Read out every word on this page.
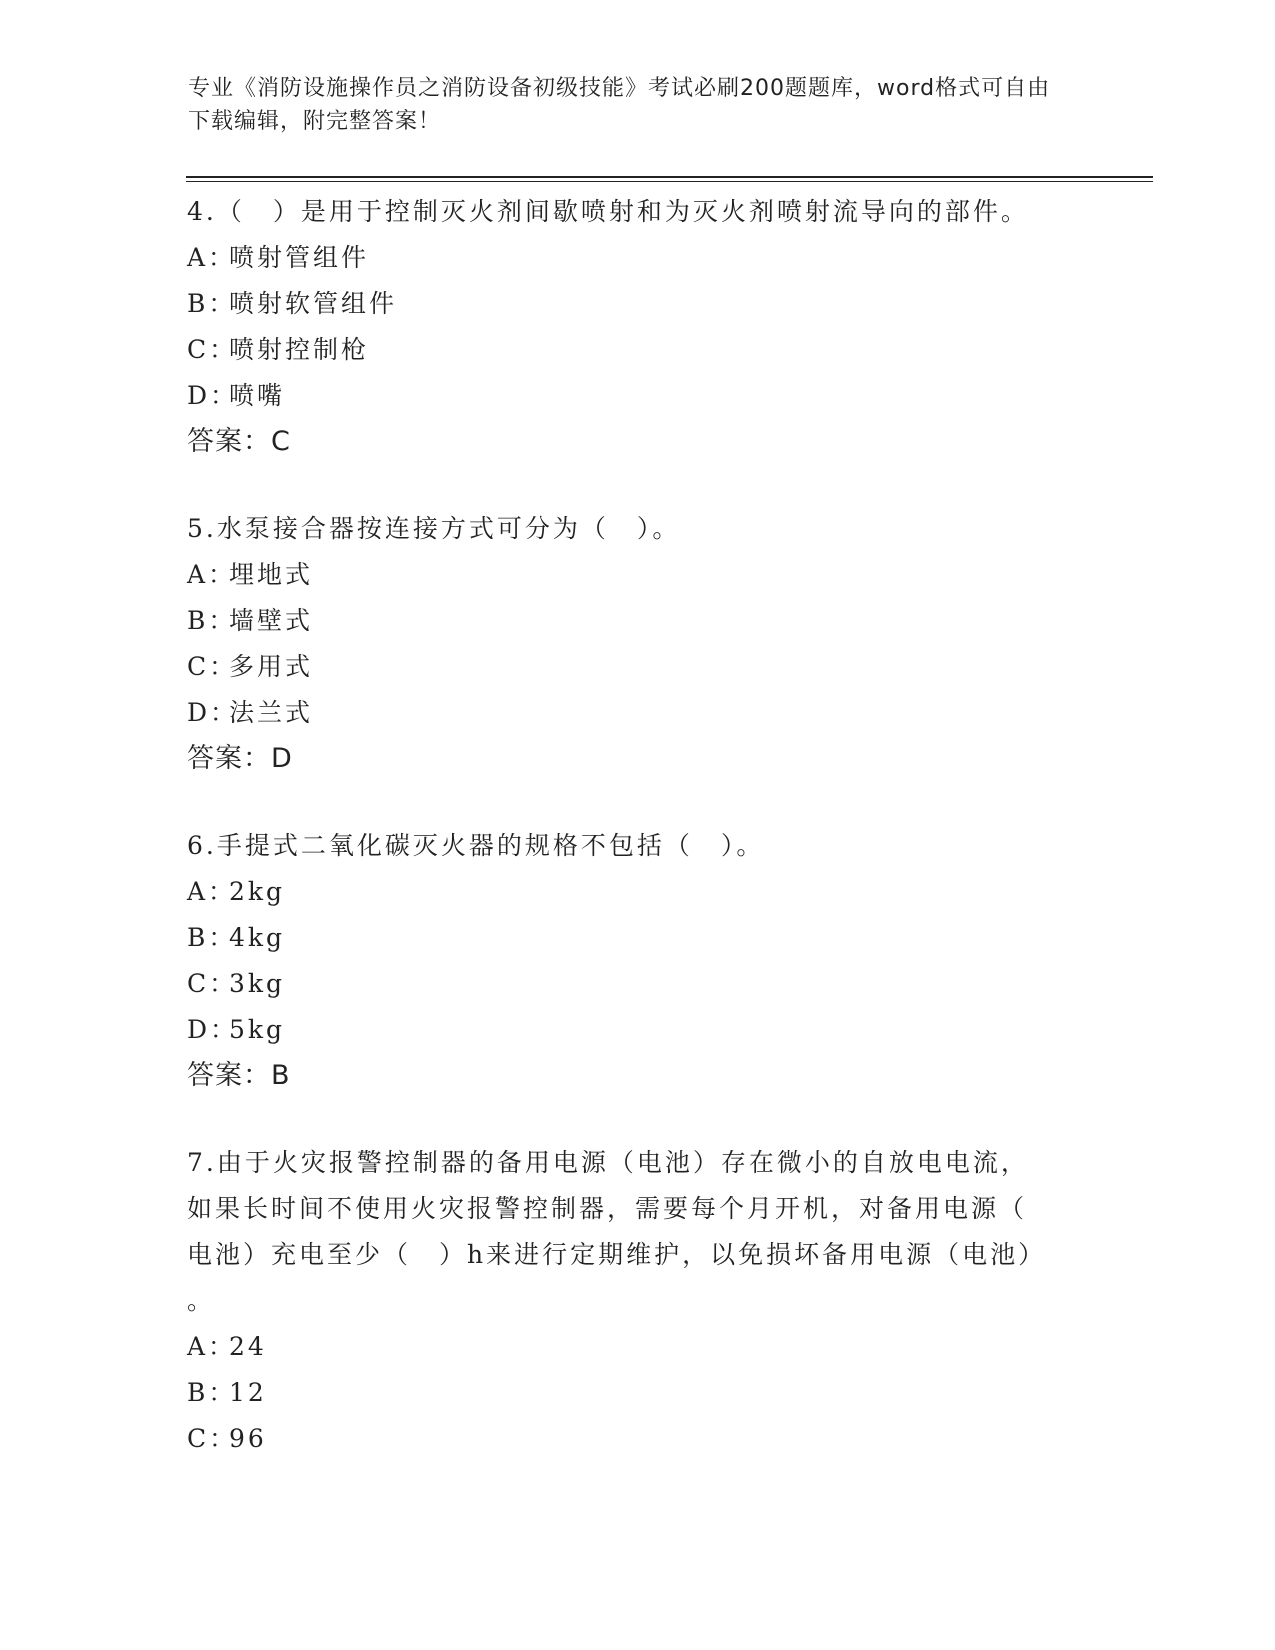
专业《消防设施操作员之消防设备初级技能》考试必刷200题题库，word格式可自由下载编辑，附完整答案！
4.（　）是用于控制灭火剂间歇喷射和为灭火剂喷射流导向的部件。
A：喷射管组件
B：喷射软管组件
C：喷射控制枪
D：喷嘴
答案：C
5.水泵接合器按连接方式可分为（　）。
A：埋地式
B：墙壁式
C：多用式
D：法兰式
答案：D
6.手提式二氧化碳灭火器的规格不包括（　）。
A：2kg
B：4kg
C：3kg
D：5kg
答案：B
7.由于火灾报警控制器的备用电源（电池）存在微小的自放电电流，
如果长时间不使用火灾报警控制器，需要每个月开机，对备用电源（
电池）充电至少（　）h来进行定期维护，以免损坏备用电源（电池）
。
A：24
B：12
C：96
